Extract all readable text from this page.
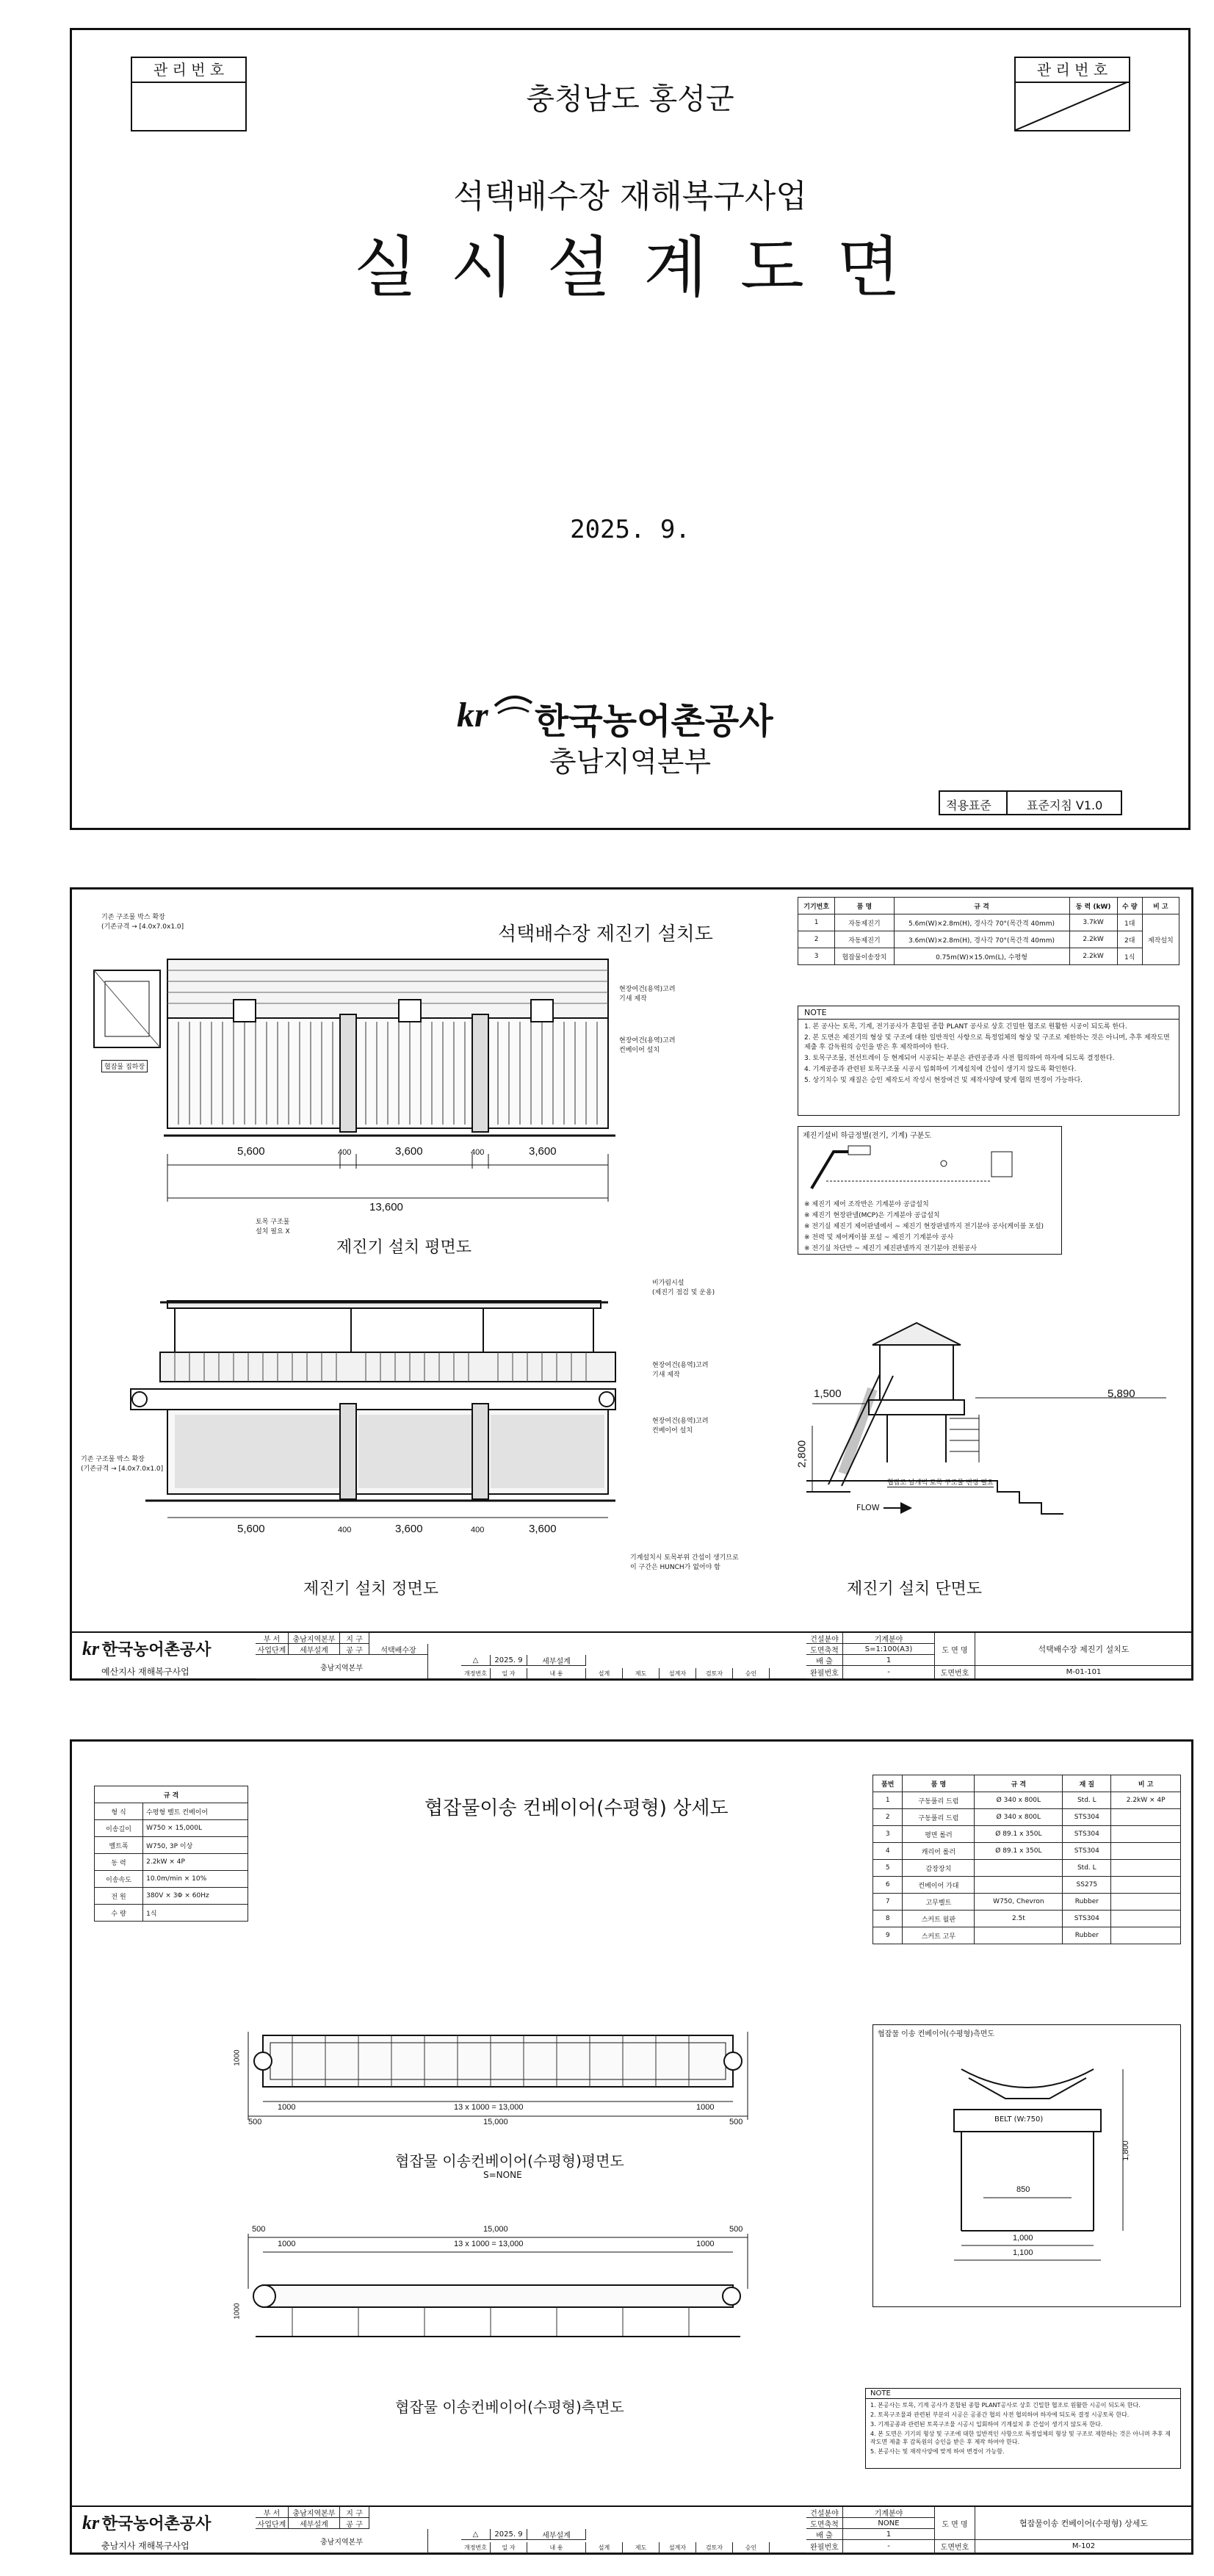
관 리 번 호	관 리 번 호
충청남도 홍성군
석택배수장 재해복구사업
실 시 설 계 도 면
2025. 9.
kr 한국농어촌공사
충남지역본부
적용표준	표준지침 V1.0
석택배수장 제진기 설치도
5,600	400	3,600	400	3,600
13,600
제진기 설치 평면도
기존 구조물 박스 확장
(기존규격 → [4.0x7.0x1.0]
협잡물 집하장
현장여건(용역)고려
기새 제작
현장여건(용역)고려
컨베이어 설치
토목 구조물
설치 필요 X
5,600	400	3,600	400	3,600
제진기 설치 정면도
비가림시설
(제진기 점검 및 운용)
현장여건(용역)고려
기새 제작
현장여건(용역)고려
컨베이어 설치
기존 구조물 박스 확장
(기존규격 → [4.0x7.0x1.0]
기계설치시 토목부위 간섭이 생기므로
이 구간은 HUNCH가 없어야 함
1,500
2,800
5,890
FLOW
협잡조 날개벽 토목 구조물 변경 필요
제진기 설치 단면도
기기번호	품 명	규 격	동 력 (kW)	수 량	비 고
1	자동제진기	5.6m(W)×2.8m(H), 경사각 70°(목간격 40mm)	3.7kW	1대	제작설치
2	자동제진기	3.6m(W)×2.8m(H), 경사각 70°(목간격 40mm)	2.2kW	2대	
3	협잡물이송장치	0.75m(W)×15.0m(L), 수평형	2.2kW	1식	
NOTE

1. 본 공사는 토목, 기계, 전기공사가 혼합된 종합 PLANT 공사로 상호 긴밀한 협조로 원활한 시공이 되도록 한다.

2. 본 도면은 제진기의 형상 및 구조에 대한 일반적인 사항으로 특정업체의 형상 및 구조로 제한하는 것은 아니며, 추후 제작도면 제출 후 감독원의 승인을 받은 후 제작하여야 한다.

3. 토목구조물, 전선트레이 등 현계되어 시공되는 부분은 관련공종과 사전 협의하여 하자에 되도록 결정한다.

4. 기계공종과 관련된 토목구조물 시공시 입회하여 기계설치에 간섭이 생기지 않도록 확인한다.

5. 상기치수 및 재질은 승인 제작도서 작성시 현장여건 및 제작사양에 맞게 협의 변경이 가능하다.

제진기설비 하급정별(전기, 기계) 구분도

※ 제진기 제어 조작반은 기계분야 공급설치

※ 제진기 현장판넬(MCP)은 기계분야 공급설치

※ 전기실 제진기 제어판넬에서 ~ 제진기 현장판넬까지 전기분야 공사(케이블 포설)

※ 전력 및 제어케이블 포설 ~ 제진기 기계분야 공사

※ 전기실 차단반 ~ 제진기 제진판넬까지 전기분야 전원공사

kr 한국농어촌공사
예산지사 재해복구사업
부 서	충남지역본부	지 구
사업단계	세부설계	공 구	석택배수장
충남지역본부
△	2025. 9	세부설계
개정번호	일 자	내 용	설계	제도	설계자	검토자	승인
건설분야	기계분야
도면축척	S=1:100(A3)
배 출	1
완필번호	-
도 면 명	석택배수장 제진기 설치도
도면번호	M-01-101
협잡물이송 컨베이어(수평형) 상세도
규 격	
형 식	수평형 벨트 컨베이어
이송길이	W750 × 15,000L
벨트폭	W750, 3P 이상
동 력	2.2kW × 4P
이송속도	10.0m/min × 10%
전 원	380V × 3Φ × 60Hz
수 량	1식
품번	품 명	규 격	재 질	비 고
1	구동풀리 드럼	Ø 340 x 800L	Std. L	2.2kW × 4P
2	구동풀리 드럼	Ø 340 x 800L	STS304	
3	평면 롤러	Ø 89.1 x 350L	STS304	
4	캐리어 롤러	Ø 89.1 x 350L	STS304	
5	감장장치		Std. L	
6	컨베이어 가대		SS275	
7	고무벨트	W750, Chevron	Rubber	
8	스커트 월판	2.5t	STS304	
9	스커트 고무		Rubber	
500
1000	13 x 1000 = 13,000	1000
500
15,000
1000
협잡물 이송컨베이어(수평형)평면도
S=NONE
15,000
13 x 1000 = 13,000
500
1000	1000
500
1000
협잡물 이송컨베이어(수평형)측면도
협잡물 이송 컨베이어(수평형)측면도
BELT (W:750)
850
1,000
1,100
1,800
NOTE

1. 본공사는 토목, 기계 공사가 혼합된 종합 PLANT공사로 상호 긴밀한 협조로 원활한 시공이 되도록 한다.

2. 토목구조물과 관련된 부분의 시공은 공종간 협의 사전 협의하여 하자에 되도록 결정 시공토록 한다.

3. 기계공종과 관련된 토목구조물 시공시 입회하여 기계설치 후 간섭이 생기지 않도록 한다.

4. 본 도면은 기기의 형상 및 구조에 대한 일반적인 사항으로 특정업체의 형상 및 구조로 제한하는 것은 아니며 추후 제작도면 제출 후 감독원의 승인을 받은 후 제작 하여야 한다.

5. 본공사는 및 재작사양에 맞게 하여 변경이 가능함.

kr 한국농어촌공사
충남지사 재해복구사업
부 서	충남지역본부	지 구
사업단계	세부설계	공 구
충남지역본부
△	2025. 9	세부설계
개정번호	일 자	내 용	설계	제도	설계자	검토자	승인
건설분야	기계분야
도면축척	NONE
배 출	1
완필번호	-
도 면 명	협잡물이송 컨베이어(수평형) 상세도
도면번호	M-102
